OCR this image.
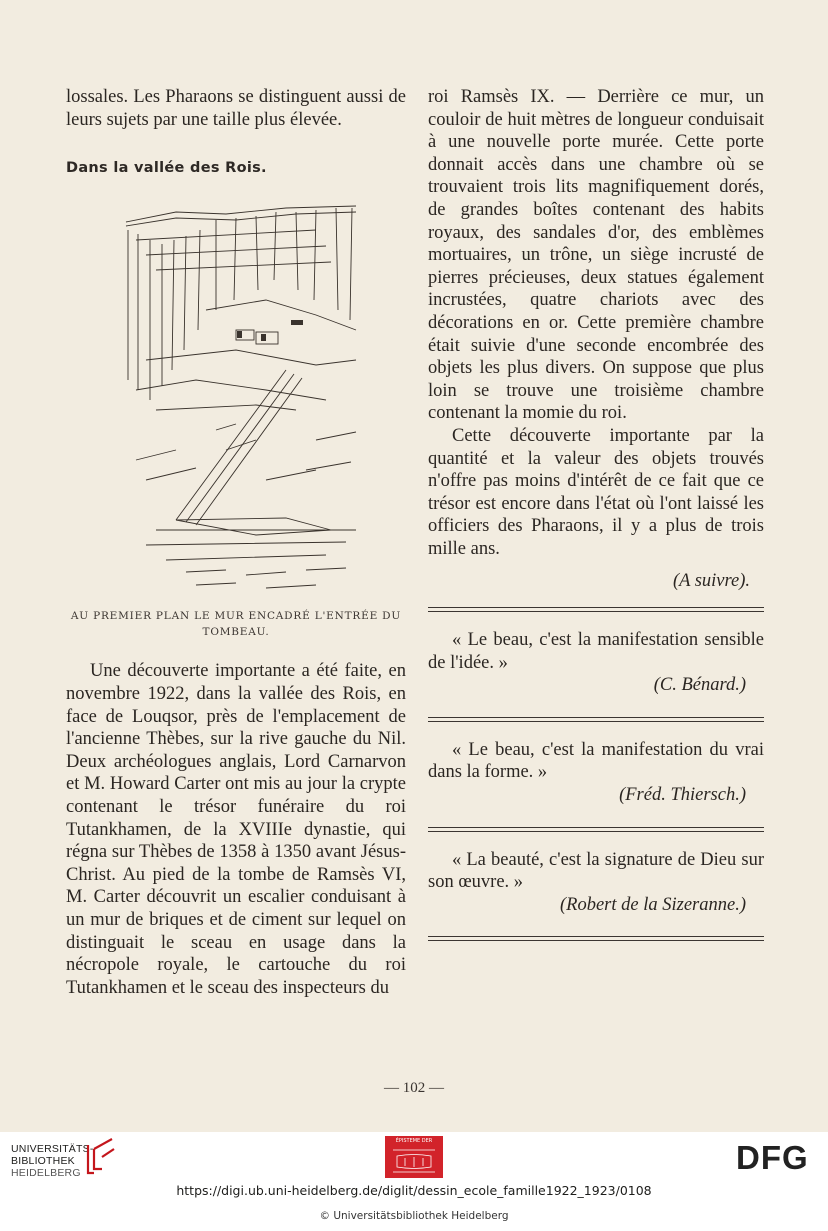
lossales. Les Pharaons se distinguent aussi de leurs sujets par une taille plus élevée.

Dans la vallée des Rois.

AU PREMIER PLAN LE MUR ENCADRÉ L'ENTRÉE DU TOMBEAU.

Une découverte importante a été faite, en novembre 1922, dans la vallée des Rois, en face de Louqsor, près de l'emplacement de l'ancienne Thèbes, sur la rive gauche du Nil. Deux archéologues anglais, Lord Carnarvon et M. Howard Carter ont mis au jour la crypte contenant le trésor funéraire du roi Tutankhamen, de la XVIIIe dynastie, qui régna sur Thèbes de 1358 à 1350 avant Jésus-Christ. Au pied de la tombe de Ramsès VI, M. Carter découvrit un escalier conduisant à un mur de briques et de ciment sur lequel on distinguait le sceau en usage dans la nécropole royale, le cartouche du roi Tutankhamen et le sceau des inspecteurs du

roi Ramsès IX. — Derrière ce mur, un couloir de huit mètres de longueur conduisait à une nouvelle porte murée. Cette porte donnait accès dans une chambre où se trouvaient trois lits magnifiquement dorés, de grandes boîtes contenant des habits royaux, des sandales d'or, des emblèmes mortuaires, un trône, un siège incrusté de pierres précieuses, deux statues également incrustées, quatre chariots avec des décorations en or. Cette première chambre était suivie d'une seconde encombrée des objets les plus divers. On suppose que plus loin se trouve une troisième chambre contenant la momie du roi.

Cette découverte importante par la quantité et la valeur des objets trouvés n'offre pas moins d'intérêt de ce fait que ce trésor est encore dans l'état où l'ont laissé les officiers des Pharaons, il y a plus de trois mille ans.

(A suivre).

« Le beau, c'est la manifestation sensible de l'idée. »

(C. Bénard.)

« Le beau, c'est la manifestation du vrai dans la forme. »

(Fréd. Thiersch.)

« La beauté, c'est la signature de Dieu sur son œuvre. »

(Robert de la Sizeranne.)

— 102 —
UNIVERSITÄTS-
BIBLIOTHEK
HEIDELBERG
ÉPISTEME DER	DFG
https://digi.ub.uni-heidelberg.de/diglit/dessin_ecole_famille1922_1923/0108
© Universitätsbibliothek Heidelberg
